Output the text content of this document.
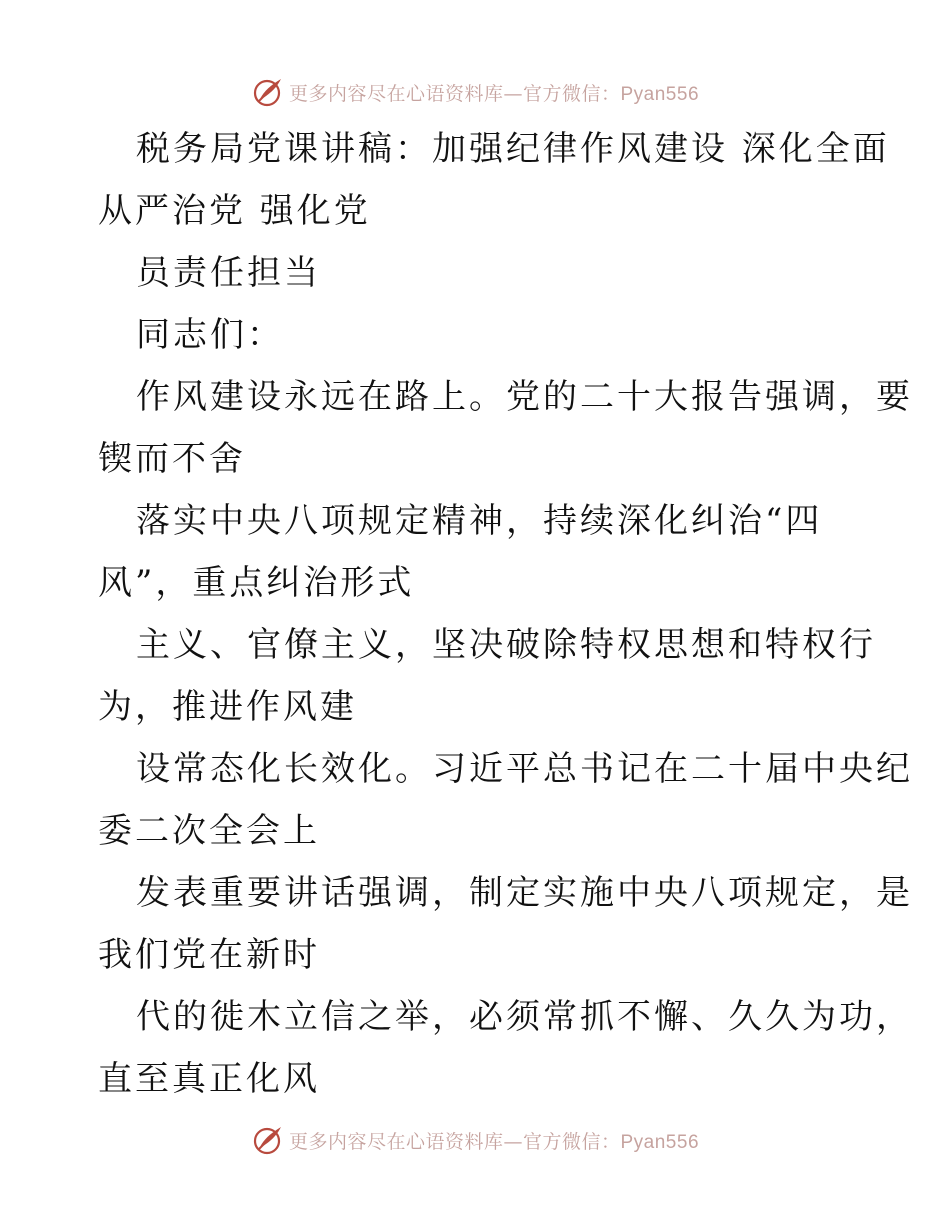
更多内容尽在心语资料库—官方微信：Pyan556
税务局党课讲稿：加强纪律作风建设 深化全面
从严治党 强化党
员责任担当
同志们：
作风建设永远在路上。党的二十大报告强调，要
锲而不舍
落实中央八项规定精神，持续深化纠治“四
风”，重点纠治形式
主义、官僚主义，坚决破除特权思想和特权行
为，推进作风建
设常态化长效化。习近平总书记在二十届中央纪
委二次全会上
发表重要讲话强调，制定实施中央八项规定，是
我们党在新时
代的徙木立信之举，必须常抓不懈、久久为功，
直至真正化风
更多内容尽在心语资料库—官方微信：Pyan556
